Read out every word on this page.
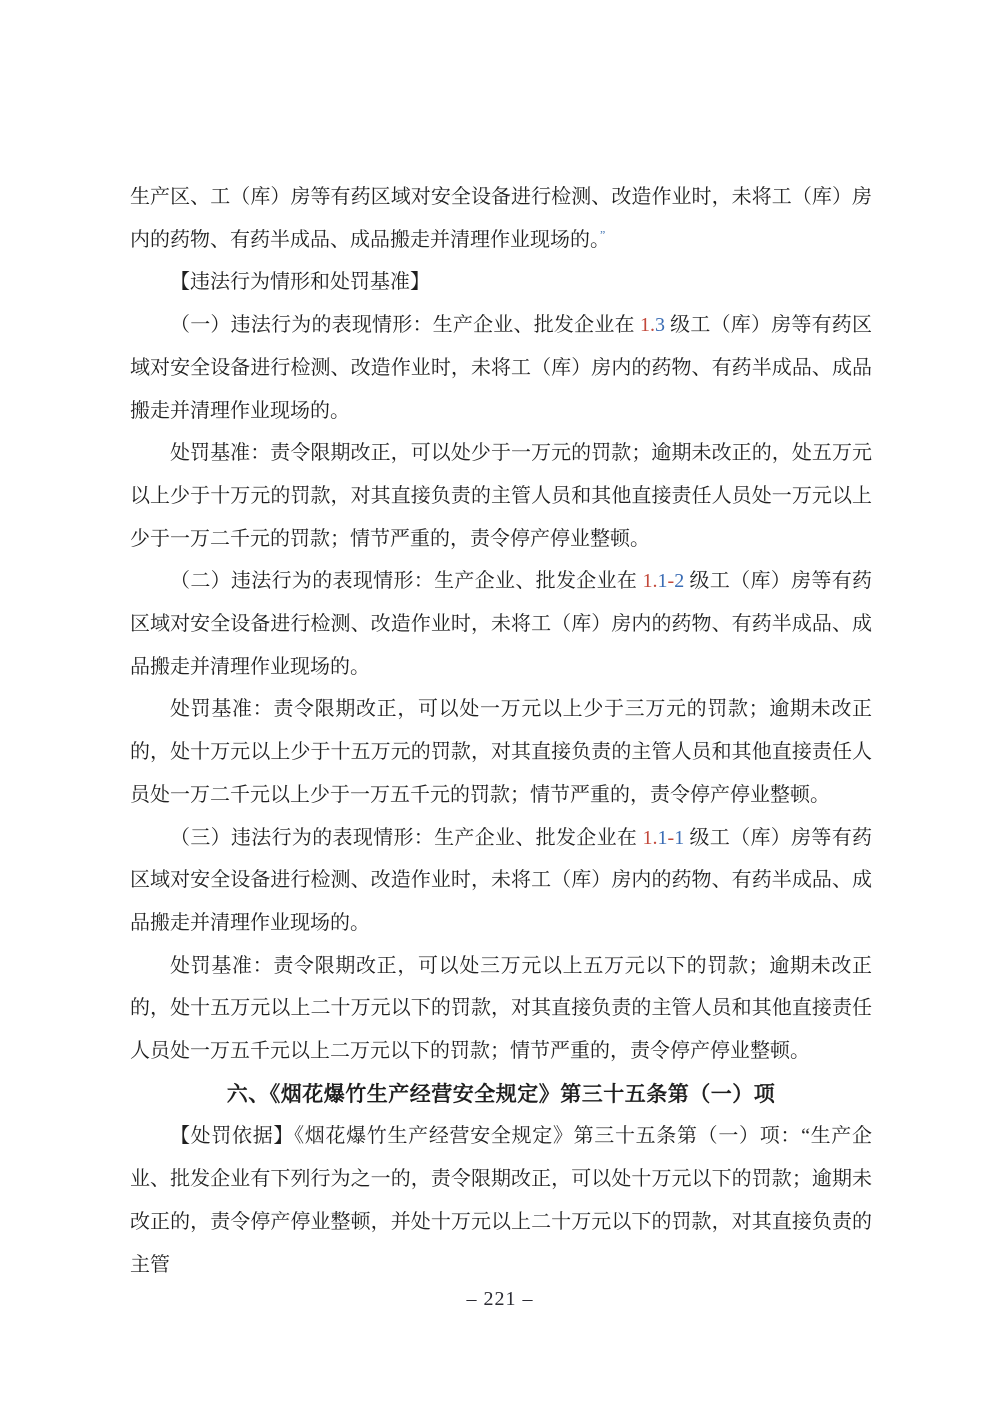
生产区、工（库）房等有药区域对安全设备进行检测、改造作业时，未将工（库）房内的药物、有药半成品、成品搬走并清理作业现场的。”

【违法行为情形和处罚基准】

（一）违法行为的表现情形：生产企业、批发企业在 1.3 级工（库）房等有药区域对安全设备进行检测、改造作业时，未将工（库）房内的药物、有药半成品、成品搬走并清理作业现场的。

处罚基准：责令限期改正，可以处少于一万元的罚款；逾期未改正的，处五万元以上少于十万元的罚款，对其直接负责的主管人员和其他直接责任人员处一万元以上少于一万二千元的罚款；情节严重的，责令停产停业整顿。

（二）违法行为的表现情形：生产企业、批发企业在 1.1-2 级工（库）房等有药区域对安全设备进行检测、改造作业时，未将工（库）房内的药物、有药半成品、成品搬走并清理作业现场的。

处罚基准：责令限期改正，可以处一万元以上少于三万元的罚款；逾期未改正的，处十万元以上少于十五万元的罚款，对其直接负责的主管人员和其他直接责任人员处一万二千元以上少于一万五千元的罚款；情节严重的，责令停产停业整顿。

（三）违法行为的表现情形：生产企业、批发企业在 1.1-1 级工（库）房等有药区域对安全设备进行检测、改造作业时，未将工（库）房内的药物、有药半成品、成品搬走并清理作业现场的。

处罚基准：责令限期改正，可以处三万元以上五万元以下的罚款；逾期未改正的，处十五万元以上二十万元以下的罚款，对其直接负责的主管人员和其他直接责任人员处一万五千元以上二万元以下的罚款；情节严重的，责令停产停业整顿。

六、《烟花爆竹生产经营安全规定》第三十五条第（一）项

【处罚依据】《烟花爆竹生产经营安全规定》第三十五条第（一）项：“生产企业、批发企业有下列行为之一的，责令限期改正，可以处十万元以下的罚款；逾期未改正的，责令停产停业整顿，并处十万元以上二十万元以下的罚款，对其直接负责的主管

– 221 –
